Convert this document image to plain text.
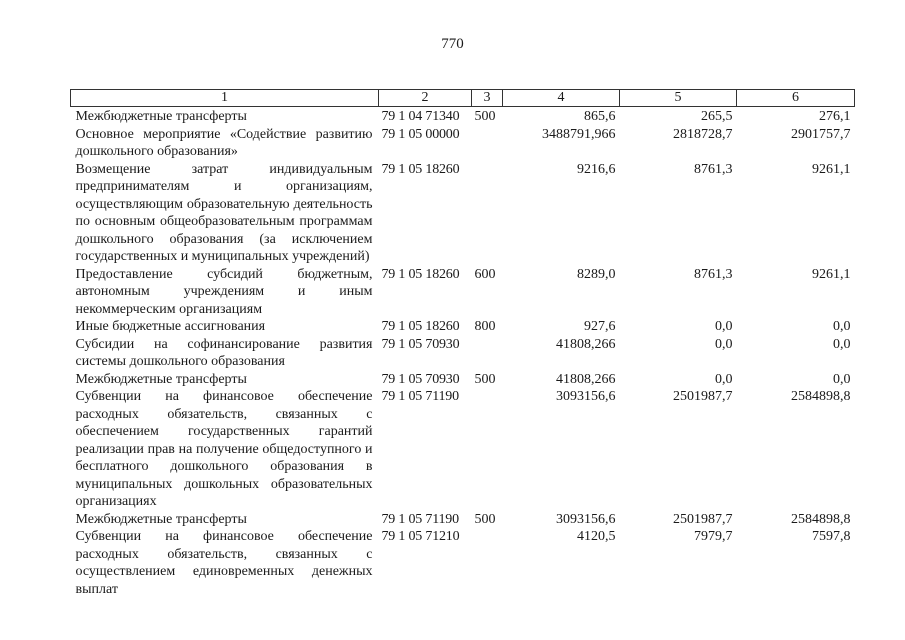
770
1	2	3	4	5	6
Межбюджетные трансферты	79 1 04 71340	500	865,6	265,5	276,1
Основное мероприятие «Содействие развитию дошкольного образования»	79 1 05 00000		3488791,966	2818728,7	2901757,7
Возмещение затрат индивидуальным предпринимателям и организациям, осуществляющим образовательную деятельность по основным общеобразовательным программам дошкольного образования (за исключением государственных и муниципальных учреждений)	79 1 05 18260		9216,6	8761,3	9261,1
Предоставление субсидий бюджетным, автономным учреждениям и иным некоммерческим организациям	79 1 05 18260	600	8289,0	8761,3	9261,1
Иные бюджетные ассигнования	79 1 05 18260	800	927,6	0,0	0,0
Субсидии на софинансирование развития системы дошкольного образования	79 1 05 70930		41808,266	0,0	0,0
Межбюджетные трансферты	79 1 05 70930	500	41808,266	0,0	0,0
Субвенции на финансовое обеспечение расходных обязательств, связанных с обеспечением государственных гарантий реализации прав на получение общедоступного и бесплатного дошкольного образования в муниципальных дошкольных образовательных организациях	79 1 05 71190		3093156,6	2501987,7	2584898,8
Межбюджетные трансферты	79 1 05 71190	500	3093156,6	2501987,7	2584898,8
Субвенции на финансовое обеспечение расходных обязательств, связанных с осуществлением единовременных денежных выплат	79 1 05 71210		4120,5	7979,7	7597,8
